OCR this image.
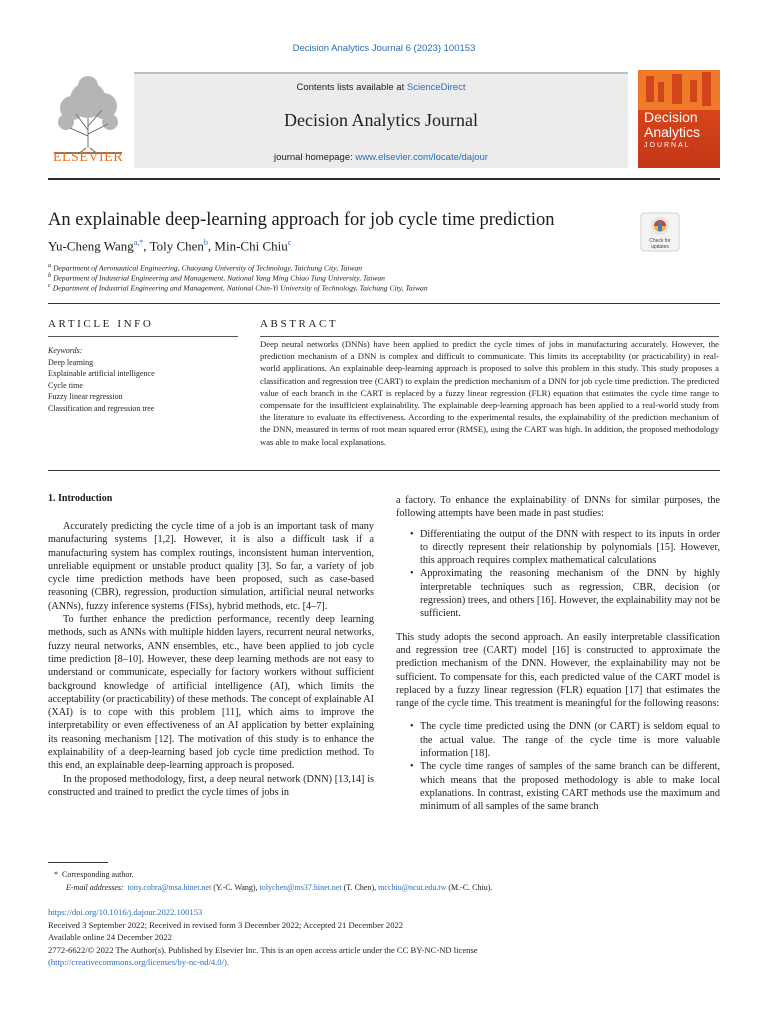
Decision Analytics Journal 6 (2023) 100153
ELSEVIER
Contents lists available at ScienceDirect
Decision Analytics Journal
journal homepage: www.elsevier.com/locate/dajour
Decision Analytics
JOURNAL
An explainable deep-learning approach for job cycle time prediction
Check for updates
Yu-Cheng Wang$^{a,*}$, Toly Chen$^b$, Min-Chi Chiu$^c$
$^a$ Department of Aeronautical Engineering, Chaoyang University of Technology, Taichung City, Taiwan
$^b$ Department of Industrial Engineering and Management, National Yang Ming Chiao Tung University, Taiwan
$^c$ Department of Industrial Engineering and Management, National Chin-Yi University of Technology, Taichung City, Taiwan
ARTICLE INFO
Keywords:
Deep learning
Explainable artificial intelligence
Cycle time
Fuzzy linear regression
Classification and regression tree
ABSTRACT
Deep neural networks (DNNs) have been applied to predict the cycle times of jobs in manufacturing accurately. However, the prediction mechanism of a DNN is complex and difficult to communicate. This limits its acceptability (or practicability) in real-world applications. An explainable deep-learning approach is proposed to solve this problem in this study. This study proposes a classification and regression tree (CART) to explain the prediction mechanism of a DNN for job cycle time prediction. The predicted value of each branch in the CART is replaced by a fuzzy linear regression (FLR) equation that estimates the cycle time range to compensate for the insufficient explainability. The explainable deep-learning approach has been applied to a real-world study from the literature to evaluate its effectiveness. According to the experimental results, the explainability of the prediction mechanism of the DNN, measured in terms of root mean squared error (RMSE), using the CART was high. In addition, the proposed methodology was able to make local explanations.
1. Introduction

Accurately predicting the cycle time of a job is an important task of many manufacturing systems [1,2]. However, it is also a difficult task if a manufacturing system has complex routings, inconsistent human intervention, unreliable equipment or unstable product quality [3]. So far, a variety of job cycle time prediction methods have been proposed, such as case-based reasoning (CBR), regression, production simulation, artificial neural networks (ANNs), fuzzy inference systems (FISs), hybrid methods, etc. [4–7].

To further enhance the prediction performance, recently deep learning methods, such as ANNs with multiple hidden layers, recurrent neural networks, fuzzy neural networks, ANN ensembles, etc., have been applied to job cycle time prediction [8–10]. However, these deep learning methods are not easy to understand or communicate, especially for factory workers without sufficient background knowledge of artificial intelligence (AI), which limits the acceptability (or practicability) of these methods. The concept of explainable AI (XAI) is to cope with this problem [11], which aims to improve the interpretability or even effectiveness of an AI application by better explaining its reasoning mechanism [12]. The motivation of this study is to enhance the explainability of a deep-learning based job cycle time prediction method. To this end, an explainable deep-learning approach is proposed.

In the proposed methodology, first, a deep neural network (DNN) [13,14] is constructed and trained to predict the cycle times of jobs in

a factory. To enhance the explainability of DNNs for similar purposes, the following attempts have been made in past studies:

• Differentiating the output of the DNN with respect to its inputs in order to directly represent their relationship by polynomials [15]. However, this approach requires complex mathematical calculations
• Approximating the reasoning mechanism of the DNN by highly interpretable techniques such as regression, CBR, decision (or regression) trees, and others [16]. However, the explainability may not be sufficient.

This study adopts the second approach. An easily interpretable classification and regression tree (CART) model [16] is constructed to approximate the prediction mechanism of the DNN. However, the explainability may not be sufficient. To compensate for this, each predicted value of the CART model is replaced by a fuzzy linear regression (FLR) equation [17] that estimates the range of the cycle time. This treatment is meaningful for the following reasons:

• The cycle time predicted using the DNN (or CART) is seldom equal to the actual value. The range of the cycle time is more valuable information [18].
• The cycle time ranges of samples of the same branch can be different, which means that the proposed methodology is able to make local explanations. In contrast, existing CART methods use the maximum and minimum of all samples of the same branch
* Corresponding author.
E-mail addresses: tony.cobra@msa.hinet.net (Y.-C. Wang), tolychen@ms37.hinet.net (T. Chen), mcchiu@ncut.edu.tw (M.-C. Chiu).
https://doi.org/10.1016/j.dajour.2022.100153
Received 3 September 2022; Received in revised form 3 December 2022; Accepted 21 December 2022
Available online 24 December 2022
2772-6622/© 2022 The Author(s). Published by Elsevier Inc. This is an open access article under the CC BY-NC-ND license
(http://creativecommons.org/licenses/by-nc-nd/4.0/).
